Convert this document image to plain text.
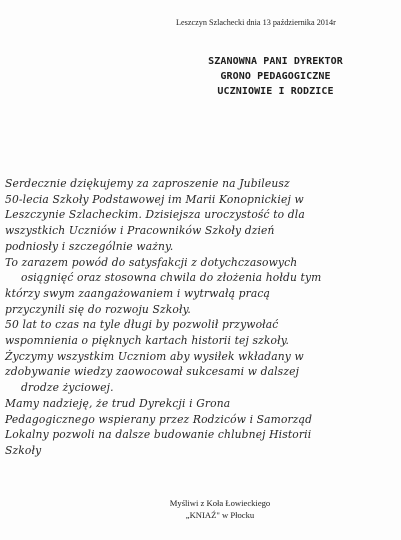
Leszczyn Szlachecki dnia 13 października 2014r
SZANOWNA PANI DYREKTOR
GRONO PEDAGOGICZNE
UCZNIOWIE I RODZICE
Serdecznie dziękujemy za zaproszenie na Jubileusz
50-lecia Szkoły Podstawowej im Marii Konopnickiej w
Leszczynie Szlacheckim. Dzisiejsza uroczystość to dla
wszystkich Uczniów i Pracowników Szkoły dzień
podniosły i szczególnie ważny.
To zarazem powód do satysfakcji z dotychczasowych
osiągnięć oraz stosowna chwila do złożenia hołdu tym
którzy swym zaangażowaniem i wytrwałą pracą
przyczynili się do rozwoju Szkoły.
50 lat to czas na tyle długi by pozwolił przywołać
wspomnienia o pięknych kartach historii tej szkoły.
Życzymy wszystkim Uczniom aby wysiłek wkładany w
zdobywanie wiedzy zaowocował sukcesami w dalszej
drodze życiowej.
Mamy nadzieję, że trud Dyrekcji i Grona
Pedagogicznego wspierany przez Rodziców i Samorząd
Lokalny pozwoli na dalsze budowanie chlubnej Historii
Szkoły
Myśliwi z Koła Łowieckiego
„KNIAŹ" w Płocku
